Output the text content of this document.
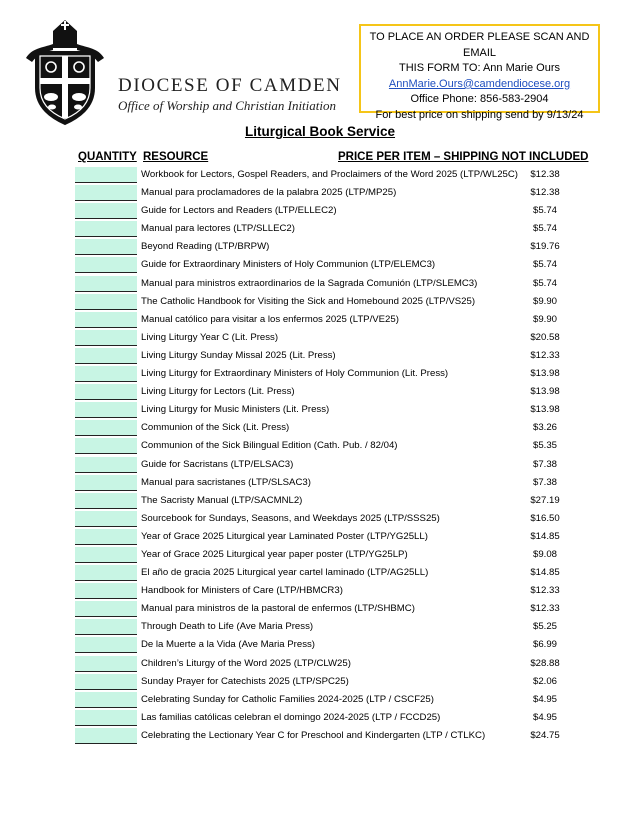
DIOCESE OF CAMDEN
Office of Worship and Christian Initiation
TO PLACE AN ORDER PLEASE SCAN AND EMAIL
THIS FORM TO: Ann Marie Ours
AnnMarie.Ours@camdendiocese.org
Office Phone: 856-583-2904
For best price on shipping send by 9/13/24
Liturgical Book Service
QUANTITY RESOURCE	PRICE PER ITEM – SHIPPING NOT INCLUDED
Workbook for Lectors, Gospel Readers, and Proclaimers of the Word 2025 (LTP/WL25C)	$12.38
Manual para proclamadores de la palabra 2025 (LTP/MP25)	$12.38
Guide for Lectors and Readers (LTP/ELLEC2)	$5.74
Manual para lectores (LTP/SLLEC2)	$5.74
Beyond Reading (LTP/BRPW)	$19.76
Guide for Extraordinary Ministers of Holy Communion (LTP/ELEMC3)	$5.74
Manual para ministros extraordinarios de la Sagrada Comunión (LTP/SLEMC3)	$5.74
The Catholic Handbook for Visiting the Sick and Homebound 2025 (LTP/VS25)	$9.90
Manual católico para visitar a los enfermos 2025 (LTP/VE25)	$9.90
Living Liturgy Year C (Lit. Press)	$20.58
Living Liturgy Sunday Missal 2025 (Lit. Press)	$12.33
Living Liturgy for Extraordinary Ministers of Holy Communion (Lit. Press)	$13.98
Living Liturgy for Lectors (Lit. Press)	$13.98
Living Liturgy for Music Ministers (Lit. Press)	$13.98
Communion of the Sick (Lit. Press)	$3.26
Communion of the Sick Bilingual Edition (Cath. Pub. / 82/04)	$5.35
Guide for Sacristans (LTP/ELSAC3)	$7.38
Manual para sacristanes (LTP/SLSAC3)	$7.38
The Sacristy Manual (LTP/SACMNL2)	$27.19
Sourcebook for Sundays, Seasons, and Weekdays 2025 (LTP/SSS25)	$16.50
Year of Grace 2025 Liturgical year Laminated Poster (LTP/YG25LL)	$14.85
Year of Grace 2025 Liturgical year paper poster (LTP/YG25LP)	$9.08
El año de gracia 2025 Liturgical year cartel laminado (LTP/AG25LL)	$14.85
Handbook for Ministers of Care (LTP/HBMCR3)	$12.33
Manual para ministros de la pastoral de enfermos (LTP/SHBMC)	$12.33
Through Death to Life (Ave Maria Press)	$5.25
De la Muerte a la Vida (Ave Maria Press)	$6.99
Children’s Liturgy of the Word 2025 (LTP/CLW25)	$28.88
Sunday Prayer for Catechists 2025 (LTP/SPC25)	$2.06
Celebrating Sunday for Catholic Families 2024-2025 (LTP / CSCF25)	$4.95
Las familias católicas celebran el domingo 2024-2025 (LTP / FCCD25)	$4.95
Celebrating the Lectionary Year C for Preschool and Kindergarten (LTP / CTLKC)	$24.75
